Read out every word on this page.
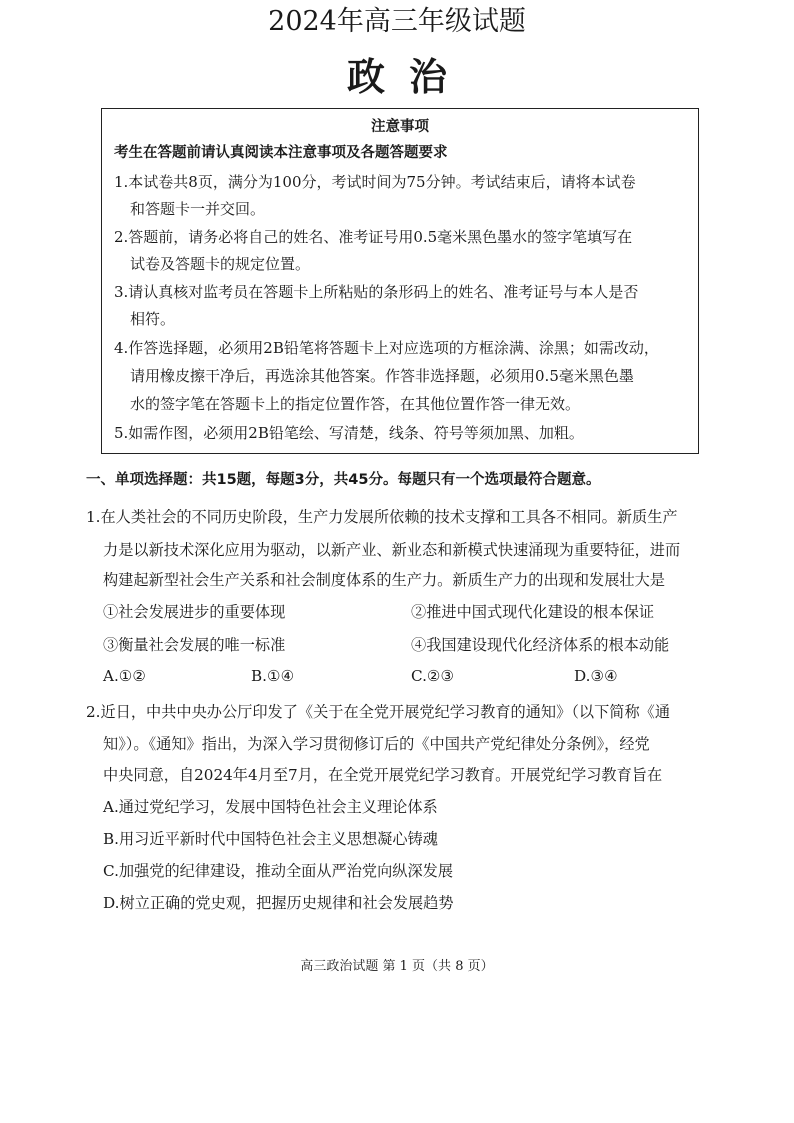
2024年高三年级试题
政治
注意事项
考生在答题前请认真阅读本注意事项及各题答题要求
1.本试卷共8页，满分为100分，考试时间为75分钟。考试结束后，请将本试卷
和答题卡一并交回。
2.答题前，请务必将自己的姓名、准考证号用0.5毫米黑色墨水的签字笔填写在
试卷及答题卡的规定位置。
3.请认真核对监考员在答题卡上所粘贴的条形码上的姓名、准考证号与本人是否
相符。
4.作答选择题，必须用2B铅笔将答题卡上对应选项的方框涂满、涂黑；如需改动，
请用橡皮擦干净后，再选涂其他答案。作答非选择题，必须用0.5毫米黑色墨
水的签字笔在答题卡上的指定位置作答，在其他位置作答一律无效。
5.如需作图，必须用2B铅笔绘、写清楚，线条、符号等须加黑、加粗。
一、单项选择题：共15题，每题3分，共45分。每题只有一个选项最符合题意。
1.在人类社会的不同历史阶段，生产力发展所依赖的技术支撑和工具各不相同。新质生产
力是以新技术深化应用为驱动，以新产业、新业态和新模式快速涌现为重要特征，进而
构建起新型社会生产关系和社会制度体系的生产力。新质生产力的出现和发展壮大是
①社会发展进步的重要体现	②推进中国式现代化建设的根本保证
③衡量社会发展的唯一标准	④我国建设现代化经济体系的根本动能
A.①②	B.①④	C.②③	D.③④
2.近日，中共中央办公厅印发了《关于在全党开展党纪学习教育的通知》（以下简称《通
知》）。《通知》指出，为深入学习贯彻修订后的《中国共产党纪律处分条例》，经党
中央同意，自2024年4月至7月，在全党开展党纪学习教育。开展党纪学习教育旨在
A.通过党纪学习，发展中国特色社会主义理论体系
B.用习近平新时代中国特色社会主义思想凝心铸魂
C.加强党的纪律建设，推动全面从严治党向纵深发展
D.树立正确的党史观，把握历史规律和社会发展趋势
高三政治试题 第 1 页（共 8 页）
